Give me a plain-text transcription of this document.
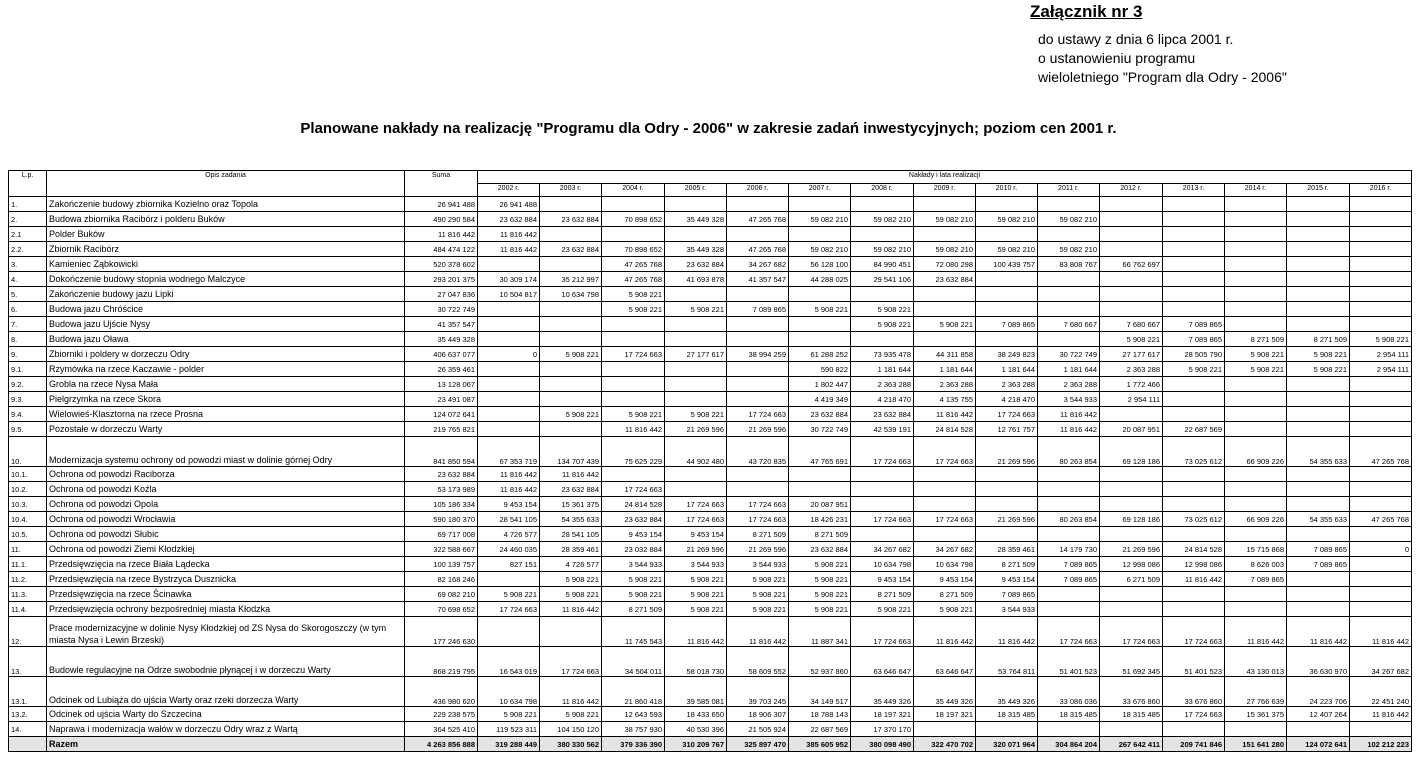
Załącznik nr 3
do ustawy z dnia 6 lipca 2001 r.
o ustanowieniu programu
wieloletniego "Program dla Odry - 2006"
Planowane nakłady na realizację "Programu dla Odry - 2006" w zakresie zadań inwestycyjnych; poziom cen 2001 r.
L.p.	Opis zadania	Suma	Nakłady i lata realizacji														
			2002 r.	2003 r.	2004 r.	2005 r.	2006 r.	2007 r.	2008 r.	2009 r.	2010 r.	2011 r.	2012 r.	2013 r.	2014 r.	2015 r.	2016 r.
1.	Zakończenie budowy zbiornika Kozielno oraz Topola	26 941 488	26 941 488														
2.	Budowa zbiornika Racibórz i polderu Buków	490 290 584	23 632 884	23 632 884	70 898 652	35 449 328	47 265 768	59 082 210	59 082 210	59 082 210	59 082 210	59 082 210					
2.1	Polder Buków	11 816 442	11 816 442														
2.2.	Zbiornik Racibórz	484 474 122	11 816 442	23 632 884	70 898 652	35 449 328	47 265 768	59 082 210	59 082 210	59 082 210	59 082 210	59 082 210					
3.	Kamieniec Ząbkowicki	520 378 602			47 265 768	23 632 884	34 267 682	56 128 100	84 990 451	72 080 298	100 439 757	83 808 767	66 762 697				
4.	Dokończenie budowy stopnia wodnego Malczyce	293 201 375	30 309 174	35 212 997	47 265 768	41 693 878	41 357 547	44 288 025	29 541 106	23 632 884							
5.	Zakończenie budowy jazu Lipki	27 047 836	10 504 817	10 634 798	5 908 221												
6.	Budowa jazu Chróścice	30 722 749			5 908 221	5 908 221	7 089 865	5 908 221	5 908 221								
7.	Budowa jazu Ujście Nysy	41 357 547							5 908 221	5 908 221	7 089 865	7 680 667	7 680 667	7 089 865			
8.	Budowa jazu Oława	35 449 328											5 908 221	7 089 865	8 271 509	8 271 509	5 908 221
9.	Zbiorniki i poldery w dorzeczu Odry	406 637 077	0	5 908 221	17 724 663	27 177 617	38 994 259	61 288 252	73 935 478	44 311 858	38 249 823	30 722 749	27 177 617	28 505 790	5 908 221	5 908 221	2 954 111
9.1.	Rzymówka na rzece Kaczawie - polder	26 359 461						590 822	1 181 644	1 181 644	1 181 644	1 181 644	2 363 288	5 908 221	5 908 221	5 908 221	2 954 111
9.2.	Grobla na rzece Nysa Mała	13 128 067						1 802 447	2 363 288	2 363 288	2 363 288	2 363 288	1 772 466				
9.3.	Pielgrzymka na rzece Skora	23 491 087						4 419 349	4 218 470	4 135 755	4 218 470	3 544 933	2 954 111				
9.4.	Wielowieś-Klasztorna na rzece Prosna	124 072 641		5 908 221	5 908 221	5 908 221	17 724 663	23 632 884	23 632 884	11 816 442	17 724 663	11 816 442					
9.5.	Pozostałe w dorzeczu Warty	219 765 821			11 816 442	21 269 596	21 269 596	30 722 749	42 539 191	24 814 528	12 761 757	11 816 442	20 087 951	22 687 569			
10.	Modernizacja systemu ochrony od powodzi miast w dolinie górnej Odry	841 850 594	67 353 719	134 707 439	75 625 229	44 902 480	43 720 835	47 765 691	17 724 663	17 724 663	21 269 596	80 263 854	69 128 186	73 025 612	66 909 226	54 355 633	47 265 768
10.1.	Ochrona od powodzi Raciborza	23 632 884	11 816 442	11 816 442													
10.2.	Ochrona od powodzi Koźla	53 173 989	11 816 442	23 632 884	17 724 663												
10.3.	Ochrona od powodzi Opola	105 186 334	9 453 154	15 361 375	24 814 528	17 724 663	17 724 663	20 087 951									
10.4.	Ochrona od powodzi Wrocławia	590 180 370	28 541 105	54 355 633	23 632 884	17 724 663	17 724 663	18 426 231	17 724 663	17 724 663	21 269 596	80 263 854	69 128 186	73 025 612	66 909 226	54 355 633	47 265 768
10.5.	Ochrona od powodzi Słubic	69 717 008	4 726 577	28 541 105	9 453 154	9 453 154	8 271 509	8 271 509									
11.	Ochrona od powodzi Ziemi Kłodzkiej	322 588 667	24 460 035	28 359 461	23 032 884	21 269 596	21 269 596	23 632 884	34 267 682	34 267 682	28 359 461	14 179 730	21 269 596	24 814 528	15 715 868	7 089 865	0
11.1.	Przedsięwzięcia na rzece Biała Lądecka	100 139 757	827 151	4 726 577	3 544 933	3 544 933	3 544 933	5 908 221	10 634 798	10 634 798	8 271 509	7 089 865	12 998 086	12 998 086	8 626 003	7 089 865	
11.2.	Przedsięwzięcia na rzece Bystrzyca Dusznicka	82 168 246		5 908 221	5 908 221	5 908 221	5 908 221	5 908 221	9 453 154	9 453 154	9 453 154	7 089 865	6 271 509	11 816 442	7 089 865		
11.3.	Przedsięwzięcia na rzece Ścinawka	69 082 210	5 908 221	5 908 221	5 908 221	5 908 221	5 908 221	5 908 221	8 271 509	8 271 509	7 089 865						
11.4.	Przedsięwzięcia ochrony bezpośredniej miasta Kłodzka	70 698 652	17 724 663	11 816 442	8 271 509	5 908 221	5 908 221	5 908 221	5 908 221	5 908 221	3 544 933						
12.	Prace modernizacyjne w dolinie Nysy Kłodzkiej od ZS Nysa do Skorogoszczy (w tym miasta Nysa i Lewin Brzeski)	177 246 630			11 745 543	11 816 442	11 816 442	11 887 341	17 724 663	11 816 442	11 816 442	17 724 663	17 724 663	17 724 663	11 816 442	11 816 442	11 816 442
13.	Budowle regulacyjne na Odrze swobodnie płynącej i w dorzeczu Warty	868 219 795	16 543 019	17 724 663	34 504 011	58 018 730	58 609 552	52 937 860	63 646 647	63 646 647	53 764 811	51 401 523	51 692 345	51 401 523	43 130 013	36 630 970	34 267 682
13.1.	Odcinek od Lubiąża do ujścia Warty oraz rzeki dorzecza Warty	436 980 620	10 634 798	11 816 442	21 860 418	39 585 081	39 703 245	34 149 517	35 449 326	35 449 326	35 449 326	33 086 036	33 676 860	33 676 860	27 766 639	24 223 706	22 451 240
13.2.	Odcinek od ujścia Warty do Szczecina	229 238 575	5 908 221	5 908 221	12 643 593	18 433 650	18 906 307	18 788 143	18 197 321	18 197 321	18 315 485	18 315 485	18 315 485	17 724 663	15 361 375	12 407 264	11 816 442
14.	Naprawa i modernizacja wałów w dorzeczu Odry wraz z Wartą	364 525 410	119 523 311	104 150 120	38 757 930	40 530 396	21 505 924	22 687 569	17 370 170								
	Razem	4 263 856 888	319 288 449	380 330 562	379 336 390	310 209 767	325 897 470	385 605 952	380 098 490	322 470 702	320 071 964	304 864 204	267 642 411	209 741 846	151 641 280	124 072 641	102 212 223
